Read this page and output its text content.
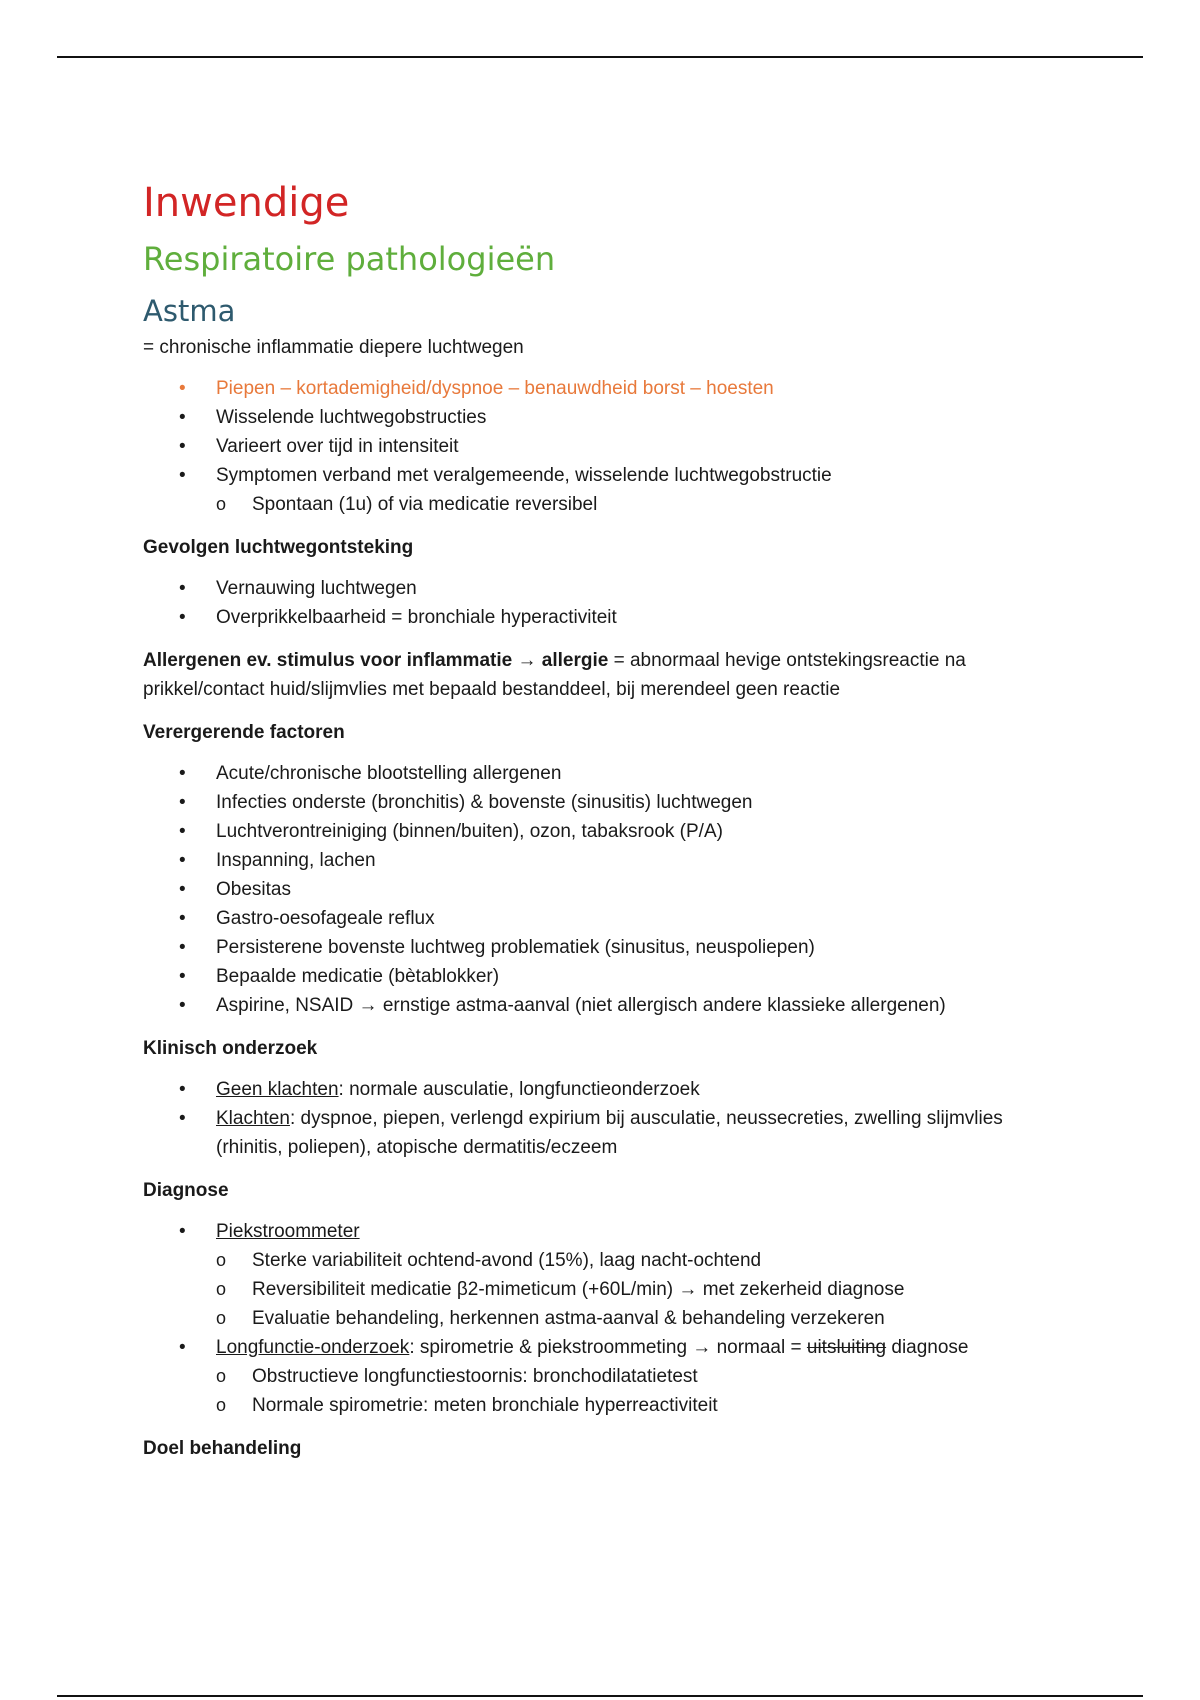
Inwendige
Respiratoire pathologieën
Astma

= chronische inflammatie diepere luchtwegen

• Piepen – kortademigheid/dyspnoe – benauwdheid borst – hoesten
• Wisselende luchtwegobstructies
• Varieert over tijd in intensiteit
• Symptomen verband met veralgemeende, wisselende luchtwegobstructie
o Spontaan (1u) of via medicatie reversibel

Gevolgen luchtwegontsteking

• Vernauwing luchtwegen
• Overprikkelbaarheid = bronchiale hyperactiviteit

Allergenen ev. stimulus voor inflammatie → allergie = abnormaal hevige ontstekingsreactie na prikkel/contact huid/slijmvlies met bepaald bestanddeel, bij merendeel geen reactie

Verergerende factoren

• Acute/chronische blootstelling allergenen
• Infecties onderste (bronchitis) & bovenste (sinusitis) luchtwegen
• Luchtverontreiniging (binnen/buiten), ozon, tabaksrook (P/A)
• Inspanning, lachen
• Obesitas
• Gastro-oesofageale reflux
• Persisterene bovenste luchtweg problematiek (sinusitus, neuspoliepen)
• Bepaalde medicatie (bètablokker)
• Aspirine, NSAID → ernstige astma-aanval (niet allergisch andere klassieke allergenen)

Klinisch onderzoek

• Geen klachten: normale ausculatie, longfunctieonderzoek
• Klachten: dyspnoe, piepen, verlengd expirium bij ausculatie, neussecreties, zwelling slijmvlies (rhinitis, poliepen), atopische dermatitis/eczeem

Diagnose

• Piekstroommeter
o Sterke variabiliteit ochtend-avond (15%), laag nacht-ochtend
o Reversibiliteit medicatie β2-mimeticum (+60L/min) → met zekerheid diagnose
o Evaluatie behandeling, herkennen astma-aanval & behandeling verzekeren
• Longfunctie-onderzoek: spirometrie & piekstroommeting → normaal = uitsluiting diagnose
o Obstructieve longfunctiestoornis: bronchodilatatietest
o Normale spirometrie: meten bronchiale hyperreactiviteit

Doel behandeling
